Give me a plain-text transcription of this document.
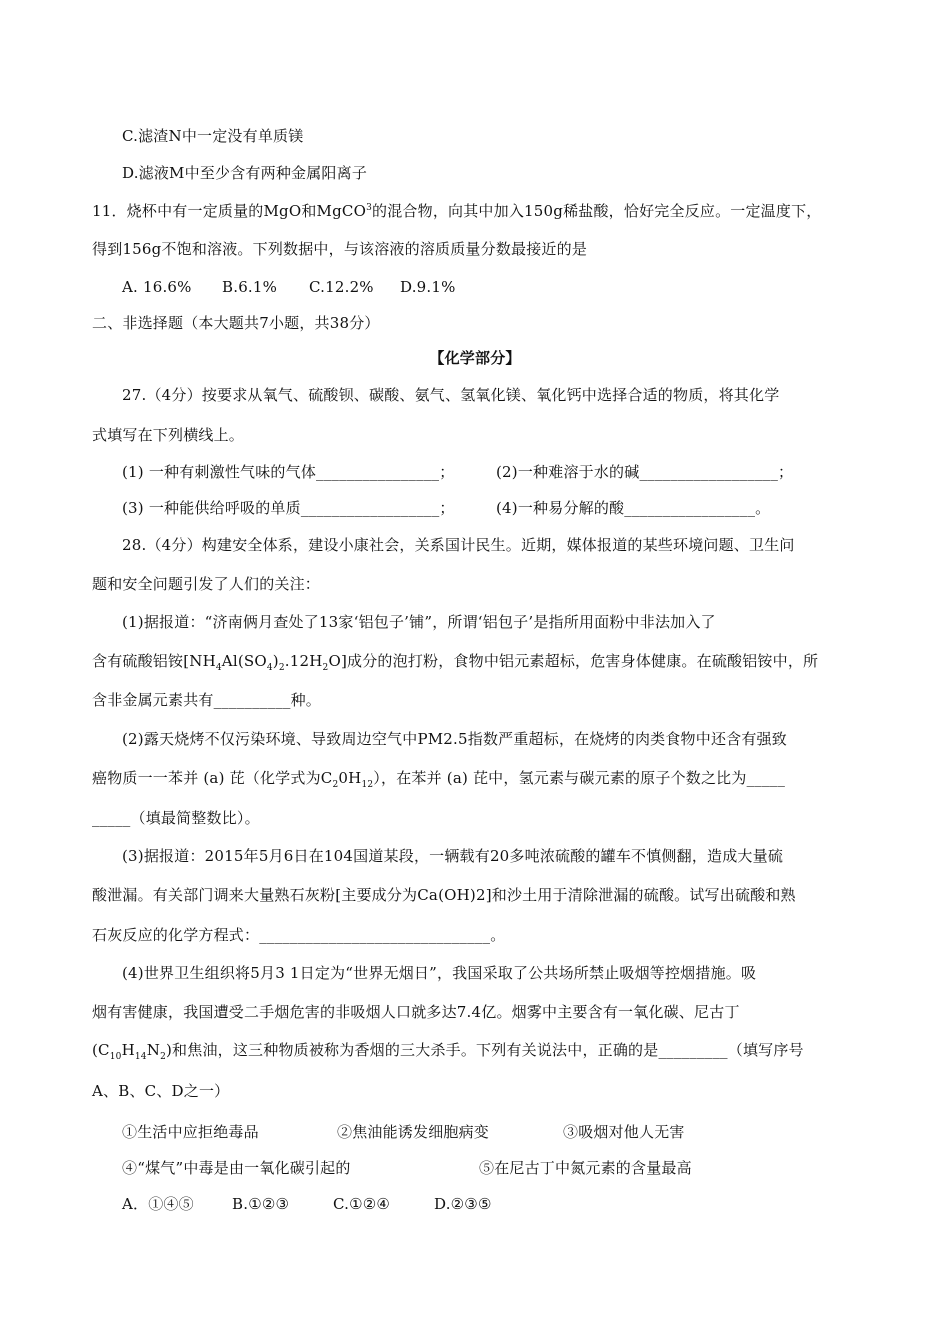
C.滤渣N中一定没有单质镁
D.滤液M中至少含有两种金属阳离子
11．烧杯中有一定质量的MgO和MgCO$^3$的混合物，向其中加入150g稀盐酸，恰好完全反应。一定温度下，
得到156g不饱和溶液。下列数据中，与该溶液的溶质质量分数最接近的是
A. 16.6% B.6.1% C.12.2% D.9.1%
二、非选择题（本大题共7小题，共38分）
【化学部分】
27.（4分）按要求从氧气、硫酸钡、碳酸、氨气、氢氧化镁、氧化钙中选择合适的物质，将其化学
式填写在下列横线上。
(1) 一种有刺激性气味的气体________________；	(2)一种难溶于水的碱__________________；
(3) 一种能供给呼吸的单质__________________；	(4)一种易分解的酸_________________。
28.（4分）构建安全体系，建设小康社会，关系国计民生。近期，媒体报道的某些环境问题、卫生问
题和安全问题引发了人们的关注：
(1)据报道：“济南俩月查处了13家‘铝包子’铺”，所谓‘铝包子’是指所用面粉中非法加入了
含有硫酸铝铵$[NH_4Al(SO_4)_2.12H_2O]$成分的泡打粉，食物中铝元素超标，危害身体健康。在硫酸铝铵中，所
含非金属元素共有__________种。
(2)露天烧烤不仅污染环境、导致周边空气中PM2.5指数严重超标，在烧烤的肉类食物中还含有强致
癌物质一一苯并 (a) 芘（化学式为$C_20H_{12}$），在苯并 (a) 芘中，氢元素与碳元素的原子个数之比为_____
_____（填最简整数比）。
(3)据报道：2015年5月6日在104国道某段，一辆载有20多吨浓硫酸的罐车不慎侧翻，造成大量硫
酸泄漏。有关部门调来大量熟石灰粉[主要成分为Ca(OH)2]和沙土用于清除泄漏的硫酸。试写出硫酸和熟
石灰反应的化学方程式：______________________________。
(4)世界卫生组织将5月3 1日定为“世界无烟日”，我国采取了公共场所禁止吸烟等控烟措施。吸
烟有害健康，我国遭受二手烟危害的非吸烟人口就多达7.4亿。烟雾中主要含有一氧化碳、尼古丁
$(C_{10}H_{14}N_2)$和焦油，这三种物质被称为香烟的三大杀手。下列有关说法中，正确的是_________（填写序号
A、B、C、D之一）
①生活中应拒绝毒品	②焦油能诱发细胞病变	③吸烟对他人无害
④“煤气”中毒是由一氧化碳引起的	⑤在尼古丁中氮元素的含量最高
A．①④⑤	B.①②③	C.①②④	D.②③⑤
